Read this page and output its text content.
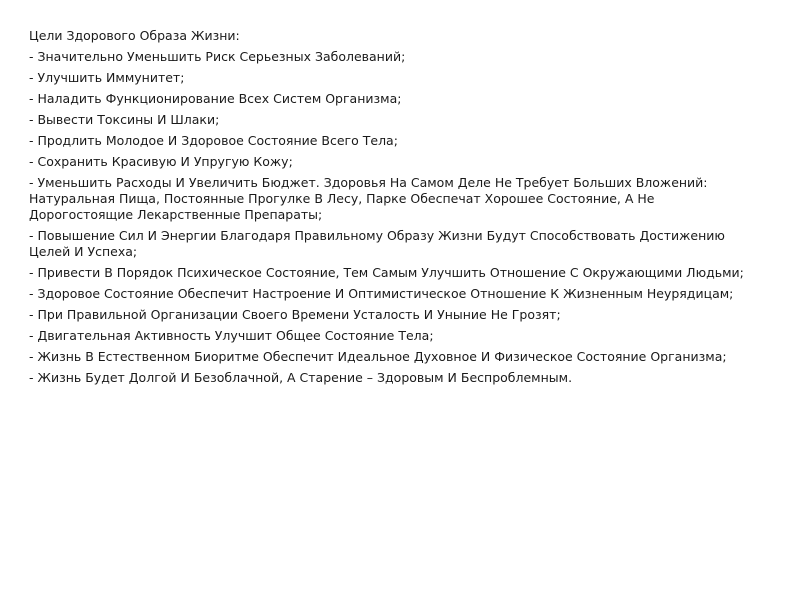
Цели Здорового Образа Жизни:
- Значительно Уменьшить Риск Серьезных Заболеваний;
- Улучшить Иммунитет;
- Наладить Функционирование Всех Систем Организма;
- Вывести Токсины И Шлаки;
- Продлить Молодое И Здоровое Состояние Всего Тела;
- Сохранить Красивую И Упругую Кожу;
- Уменьшить Расходы И Увеличить Бюджет. Здоровья На Самом Деле Не Требует Больших Вложений: Натуральная Пища, Постоянные Прогулке В Лесу, Парке Обеспечат Хорошее Состояние, А Не Дорогостоящие Лекарственные Препараты;
- Повышение Сил И Энергии Благодаря Правильному Образу Жизни Будут Способствовать Достижению Целей И Успеха;
- Привести В Порядок Психическое Состояние, Тем Самым Улучшить Отношение С Окружающими Людьми;
- Здоровое Состояние Обеспечит Настроение И Оптимистическое Отношение К Жизненным Неурядицам;
- При Правильной Организации Своего Времени Усталость И Уныние Не Грозят;
- Двигательная Активность Улучшит Общее Состояние Тела;
- Жизнь В Естественном Биоритме Обеспечит Идеальное Духовное И Физическое Состояние Организма;
- Жизнь Будет Долгой И Безоблачной, А Старение – Здоровым И Беспроблемным.
